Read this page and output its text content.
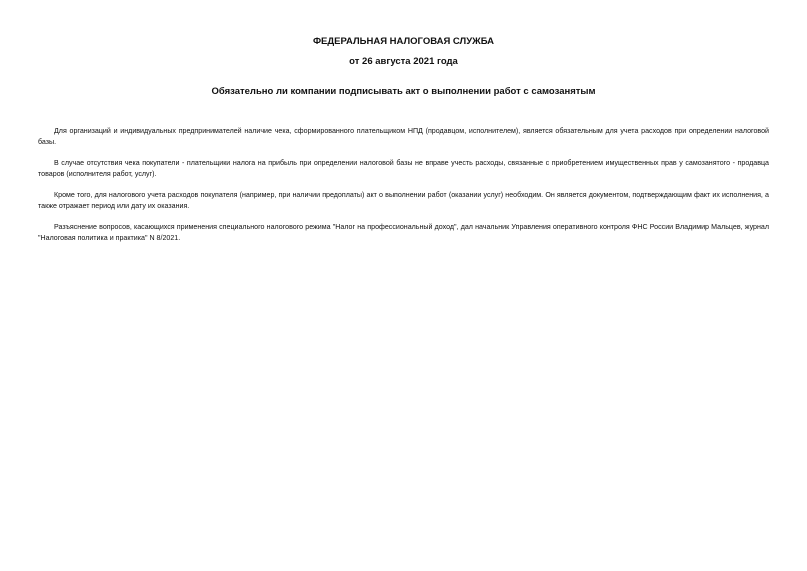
ФЕДЕРАЛЬНАЯ НАЛОГОВАЯ СЛУЖБА
от 26 августа 2021 года
Обязательно ли компании подписывать акт о выполнении работ с самозанятым

Для организаций и индивидуальных предпринимателей наличие чека, сформированного плательщиком НПД (продавцом, исполнителем), является обязательным для учета расходов при определении налоговой базы.

В случае отсутствия чека покупатели - плательщики налога на прибыль при определении налоговой базы не вправе учесть расходы, связанные с приобретением имущественных прав у самозанятого - продавца товаров (исполнителя работ, услуг).

Кроме того, для налогового учета расходов покупателя (например, при наличии предоплаты) акт о выполнении работ (оказании услуг) необходим. Он является документом, подтверждающим факт их исполнения, а также отражает период или дату их оказания.

Разъяснение вопросов, касающихся применения специального налогового режима "Налог на профессиональный доход", дал начальник Управления оперативного контроля ФНС России Владимир Мальцев, журнал "Налоговая политика и практика" N 8/2021.
